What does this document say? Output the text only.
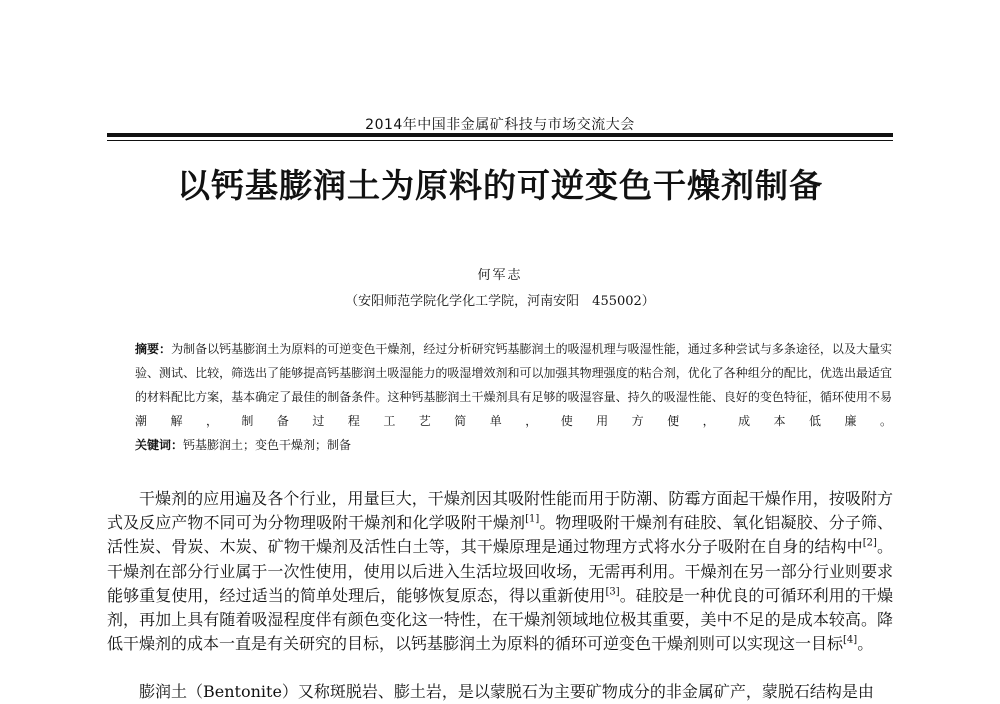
2014年中国非金属矿科技与市场交流大会
以钙基膨润土为原料的可逆变色干燥剂制备
何军志
（安阳师范学院化学化工学院，河南安阳　455002）
摘要：为制备以钙基膨润土为原料的可逆变色干燥剂，经过分析研究钙基膨润土的吸湿机理与吸湿性能，通过多种尝试与多条途径，以及大量实验、测试、比较，筛选出了能够提高钙基膨润土吸湿能力的吸湿增效剂和可以加强其物理强度的粘合剂，优化了各种组分的配比，优选出最适宜的材料配比方案，基本确定了最佳的制备条件。这种钙基膨润土干燥剂具有足够的吸湿容量、持久的吸湿性能、良好的变色特征，循环使用不易潮解，制备过程工艺简单，使用方便，成本低廉。
关键词：钙基膨润土；变色干燥剂；制备

干燥剂的应用遍及各个行业，用量巨大，干燥剂因其吸附性能而用于防潮、防霉方面起干燥作用，按吸附方式及反应产物不同可为分物理吸附干燥剂和化学吸附干燥剂[1]。物理吸附干燥剂有硅胶、氧化铝凝胶、分子筛、活性炭、骨炭、木炭、矿物干燥剂及活性白土等，其干燥原理是通过物理方式将水分子吸附在自身的结构中[2]。干燥剂在部分行业属于一次性使用，使用以后进入生活垃圾回收场，无需再利用。干燥剂在另一部分行业则要求能够重复使用，经过适当的简单处理后，能够恢复原态，得以重新使用[3]。硅胶是一种优良的可循环利用的干燥剂，再加上具有随着吸湿程度伴有颜色变化这一特性，在干燥剂领域地位极其重要，美中不足的是成本较高。降低干燥剂的成本一直是有关研究的目标，以钙基膨润土为原料的循环可逆变色干燥剂则可以实现这一目标[4]。

膨润土（Bentonite）又称斑脱岩、膨土岩，是以蒙脱石为主要矿物成分的非金属矿产，蒙脱石结构是由
